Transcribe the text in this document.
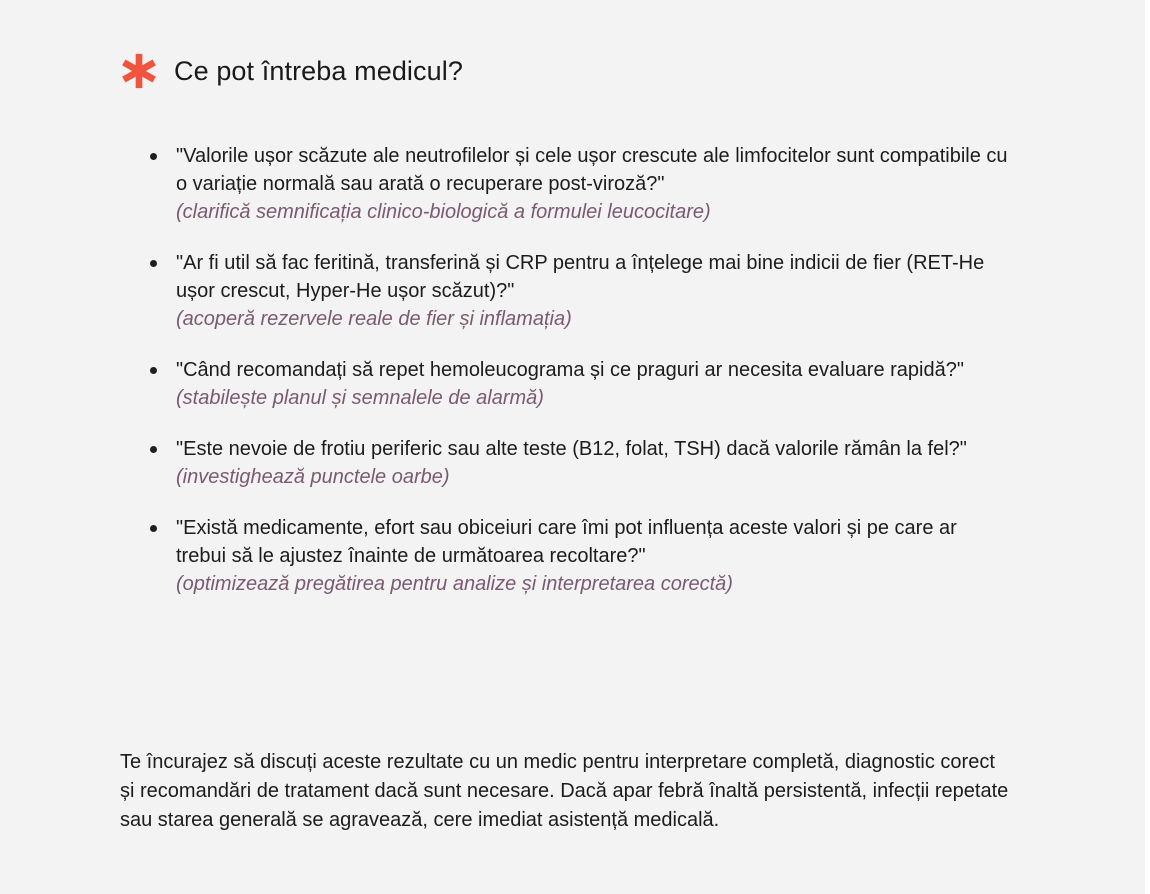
Ce pot întreba medicul?
"Valorile ușor scăzute ale neutrofilelor și cele ușor crescute ale limfocitelor sunt compatibile cu o variație normală sau arată o recuperare post-viroză?"
(clarifică semnificația clinico-biologică a formulei leucocitare)
"Ar fi util să fac feritină, transferină și CRP pentru a înțelege mai bine indicii de fier (RET-He ușor crescut, Hyper-He ușor scăzut)?"
(acoperă rezervele reale de fier și inflamația)
"Când recomandați să repet hemoleucograma și ce praguri ar necesita evaluare rapidă?"
(stabilește planul și semnalele de alarmă)
"Este nevoie de frotiu periferic sau alte teste (B12, folat, TSH) dacă valorile rămân la fel?"
(investighează punctele oarbe)
"Există medicamente, efort sau obiceiuri care îmi pot influența aceste valori și pe care ar trebui să le ajustez înainte de următoarea recoltare?"
(optimizează pregătirea pentru analize și interpretarea corectă)

Te încurajez să discuți aceste rezultate cu un medic pentru interpretare completă, diagnostic corect și recomandări de tratament dacă sunt necesare. Dacă apar febră înaltă persistentă, infecții repetate sau starea generală se agravează, cere imediat asistență medicală.
